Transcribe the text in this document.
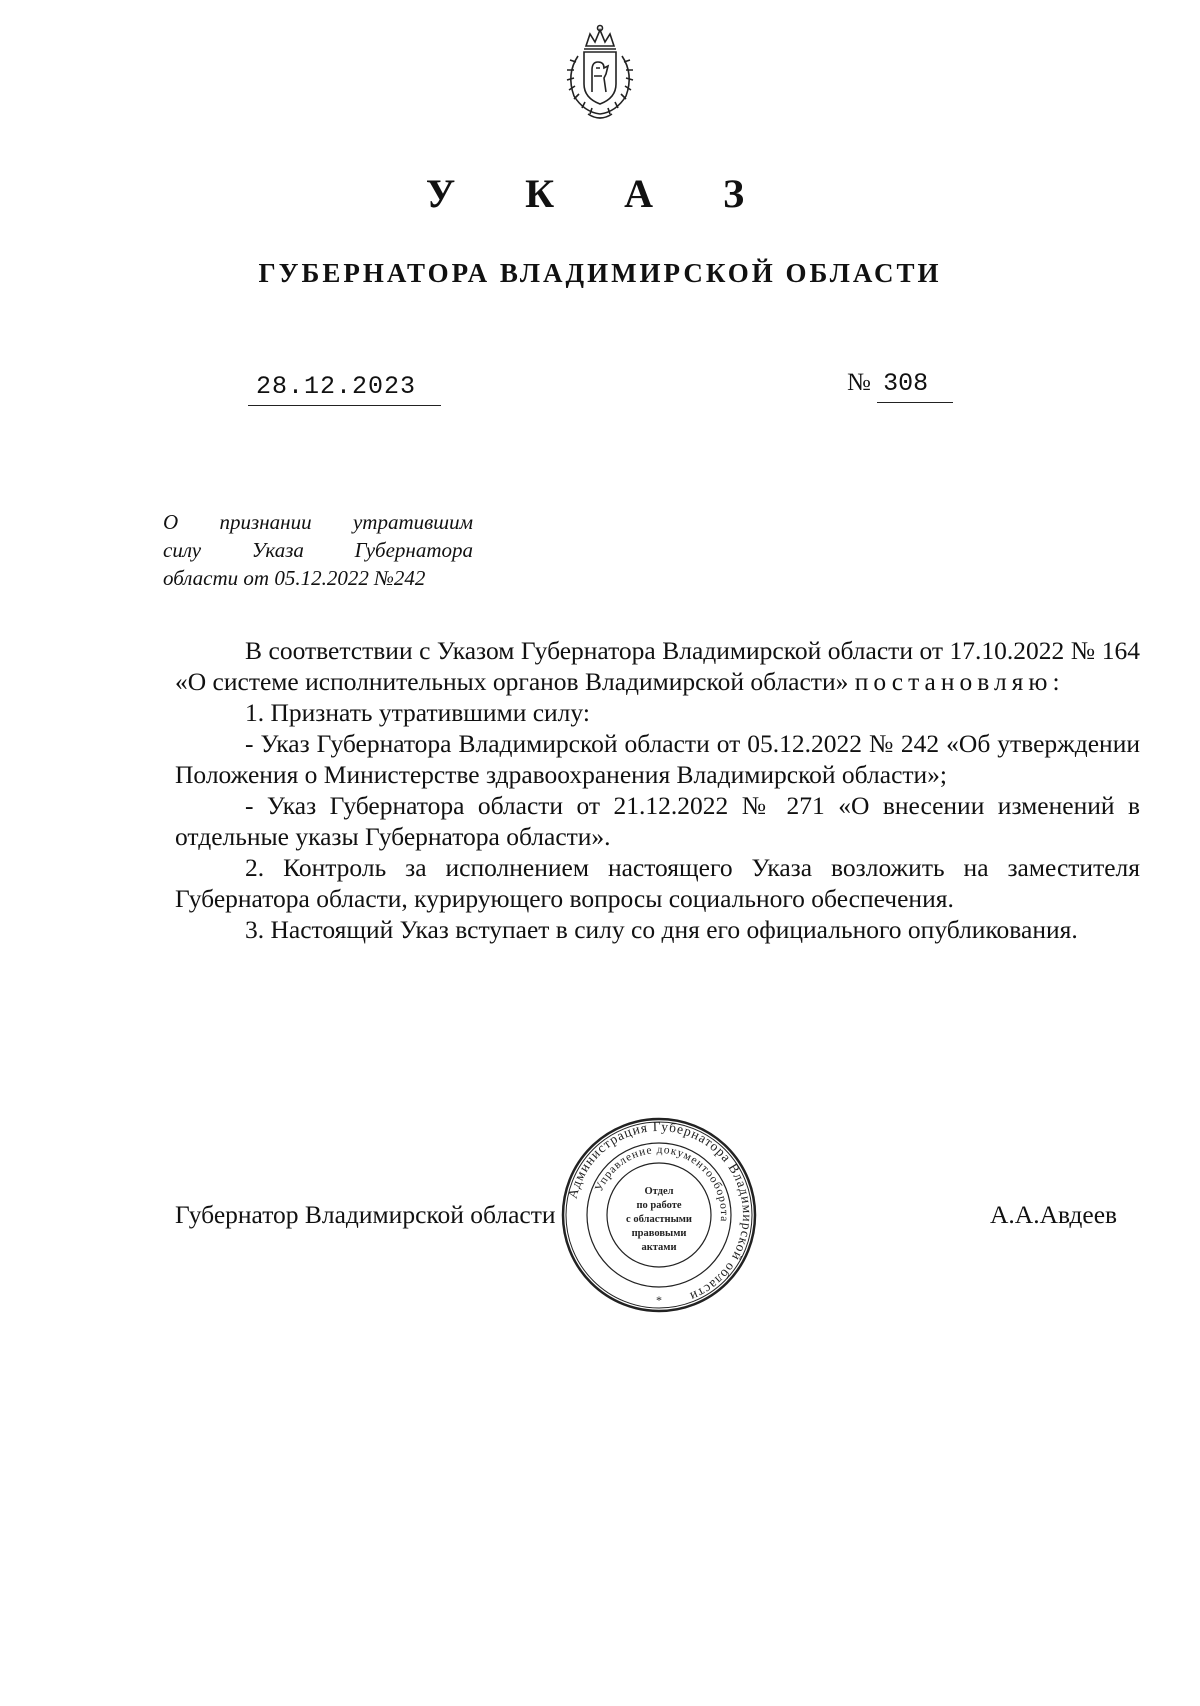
У К А З
ГУБЕРНАТОРА ВЛАДИМИРСКОЙ ОБЛАСТИ
28.12.2023	№ 308
О признании утратившим
силу Указа Губернатора
области от 05.12.2022 №242
В соответствии с Указом Губернатора Владимирской области от 17.10.2022 № 164 «О системе исполнительных органов Владимирской области» постановляю:
1. Признать утратившими силу:
- Указ Губернатора Владимирской области от 05.12.2022 № 242 «Об утверждении Положения о Министерстве здравоохранения Владимирской области»;
- Указ Губернатора области от 21.12.2022 № 271 «О внесении изменений в отдельные указы Губернатора области».
2. Контроль за исполнением настоящего Указа возложить на заместителя Губернатора области, курирующего вопросы социального обеспечения.
3. Настоящий Указ вступает в силу со дня его официального опубликования.
Губернатор Владимирской области	А.А.Авдеев
Администрация Губернатора Владимирской области
Управление документооборота
Отдел
по работе
с областными
правовыми
актами
*
